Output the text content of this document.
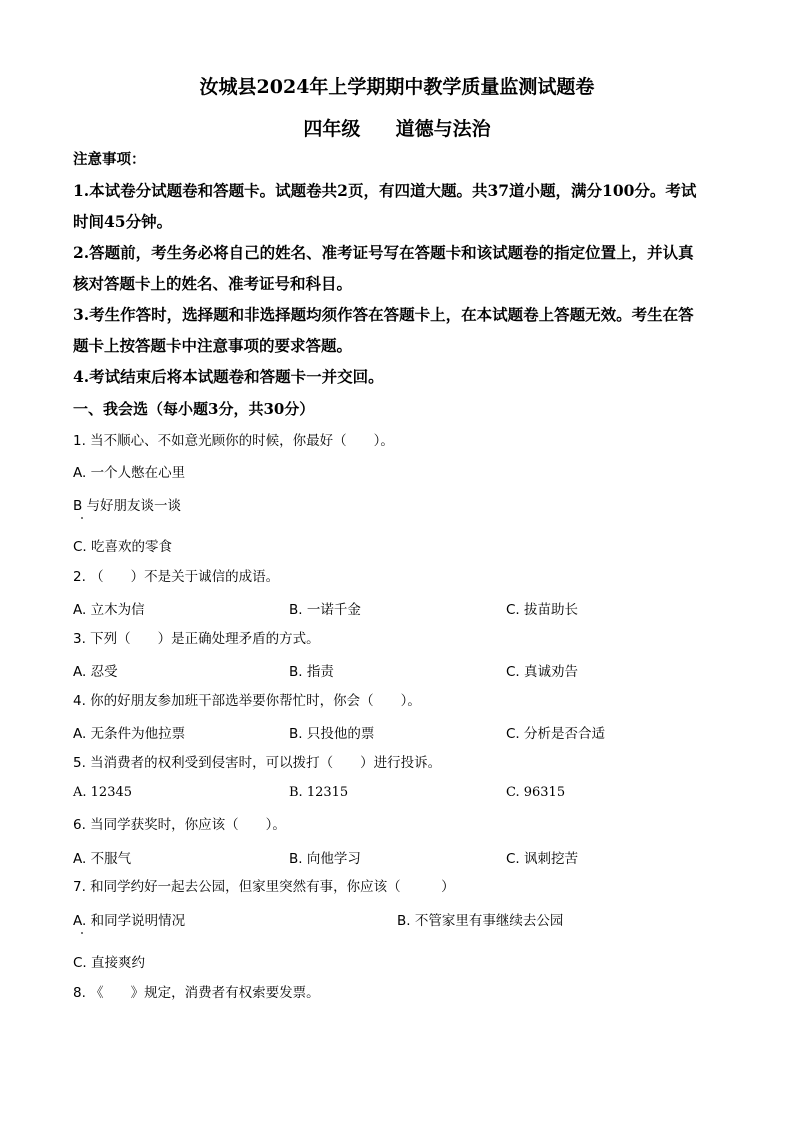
汝城县2024年上学期期中教学质量监测试题卷
四年级 道德与法治
注意事项：
1.本试卷分试题卷和答题卡。试题卷共2页，有四道大题。共37道小题，满分100分。考试
时间45分钟。
2.答题前，考生务必将自己的姓名、准考证号写在答题卡和该试题卷的指定位置上，并认真
核对答题卡上的姓名、准考证号和科目。
3.考生作答时，选择题和非选择题均须作答在答题卡上，在本试题卷上答题无效。考生在答
题卡上按答题卡中注意事项的要求答题。
4.考试结束后将本试题卷和答题卡一并交回。
一、我会选（每小题3分，共30分）
1. 当不顺心、不如意光顾你的时候，你最好（　　）。
A. 一个人憋在心里
B 与好朋友谈一谈
C. 吃喜欢的零食
2. （　　）不是关于诚信的成语。
A. 立木为信	B. 一诺千金	C. 拔苗助长
3. 下列（　　）是正确处理矛盾的方式。
A. 忍受	B. 指责	C. 真诚劝告
4. 你的好朋友参加班干部选举要你帮忙时，你会（　　）。
A. 无条件为他拉票	B. 只投他的票	C. 分析是否合适
5. 当消费者的权利受到侵害时，可以拨打（　　）进行投诉。
A. 12345	B. 12315	C. 96315
6. 当同学获奖时，你应该（　　）。
A. 不服气	B. 向他学习	C. 讽刺挖苦
7. 和同学约好一起去公园，但家里突然有事，你应该（　　　）
A. 和同学说明情况	B. 不管家里有事继续去公园
C. 直接爽约
8. 《　　》规定，消费者有权索要发票。
